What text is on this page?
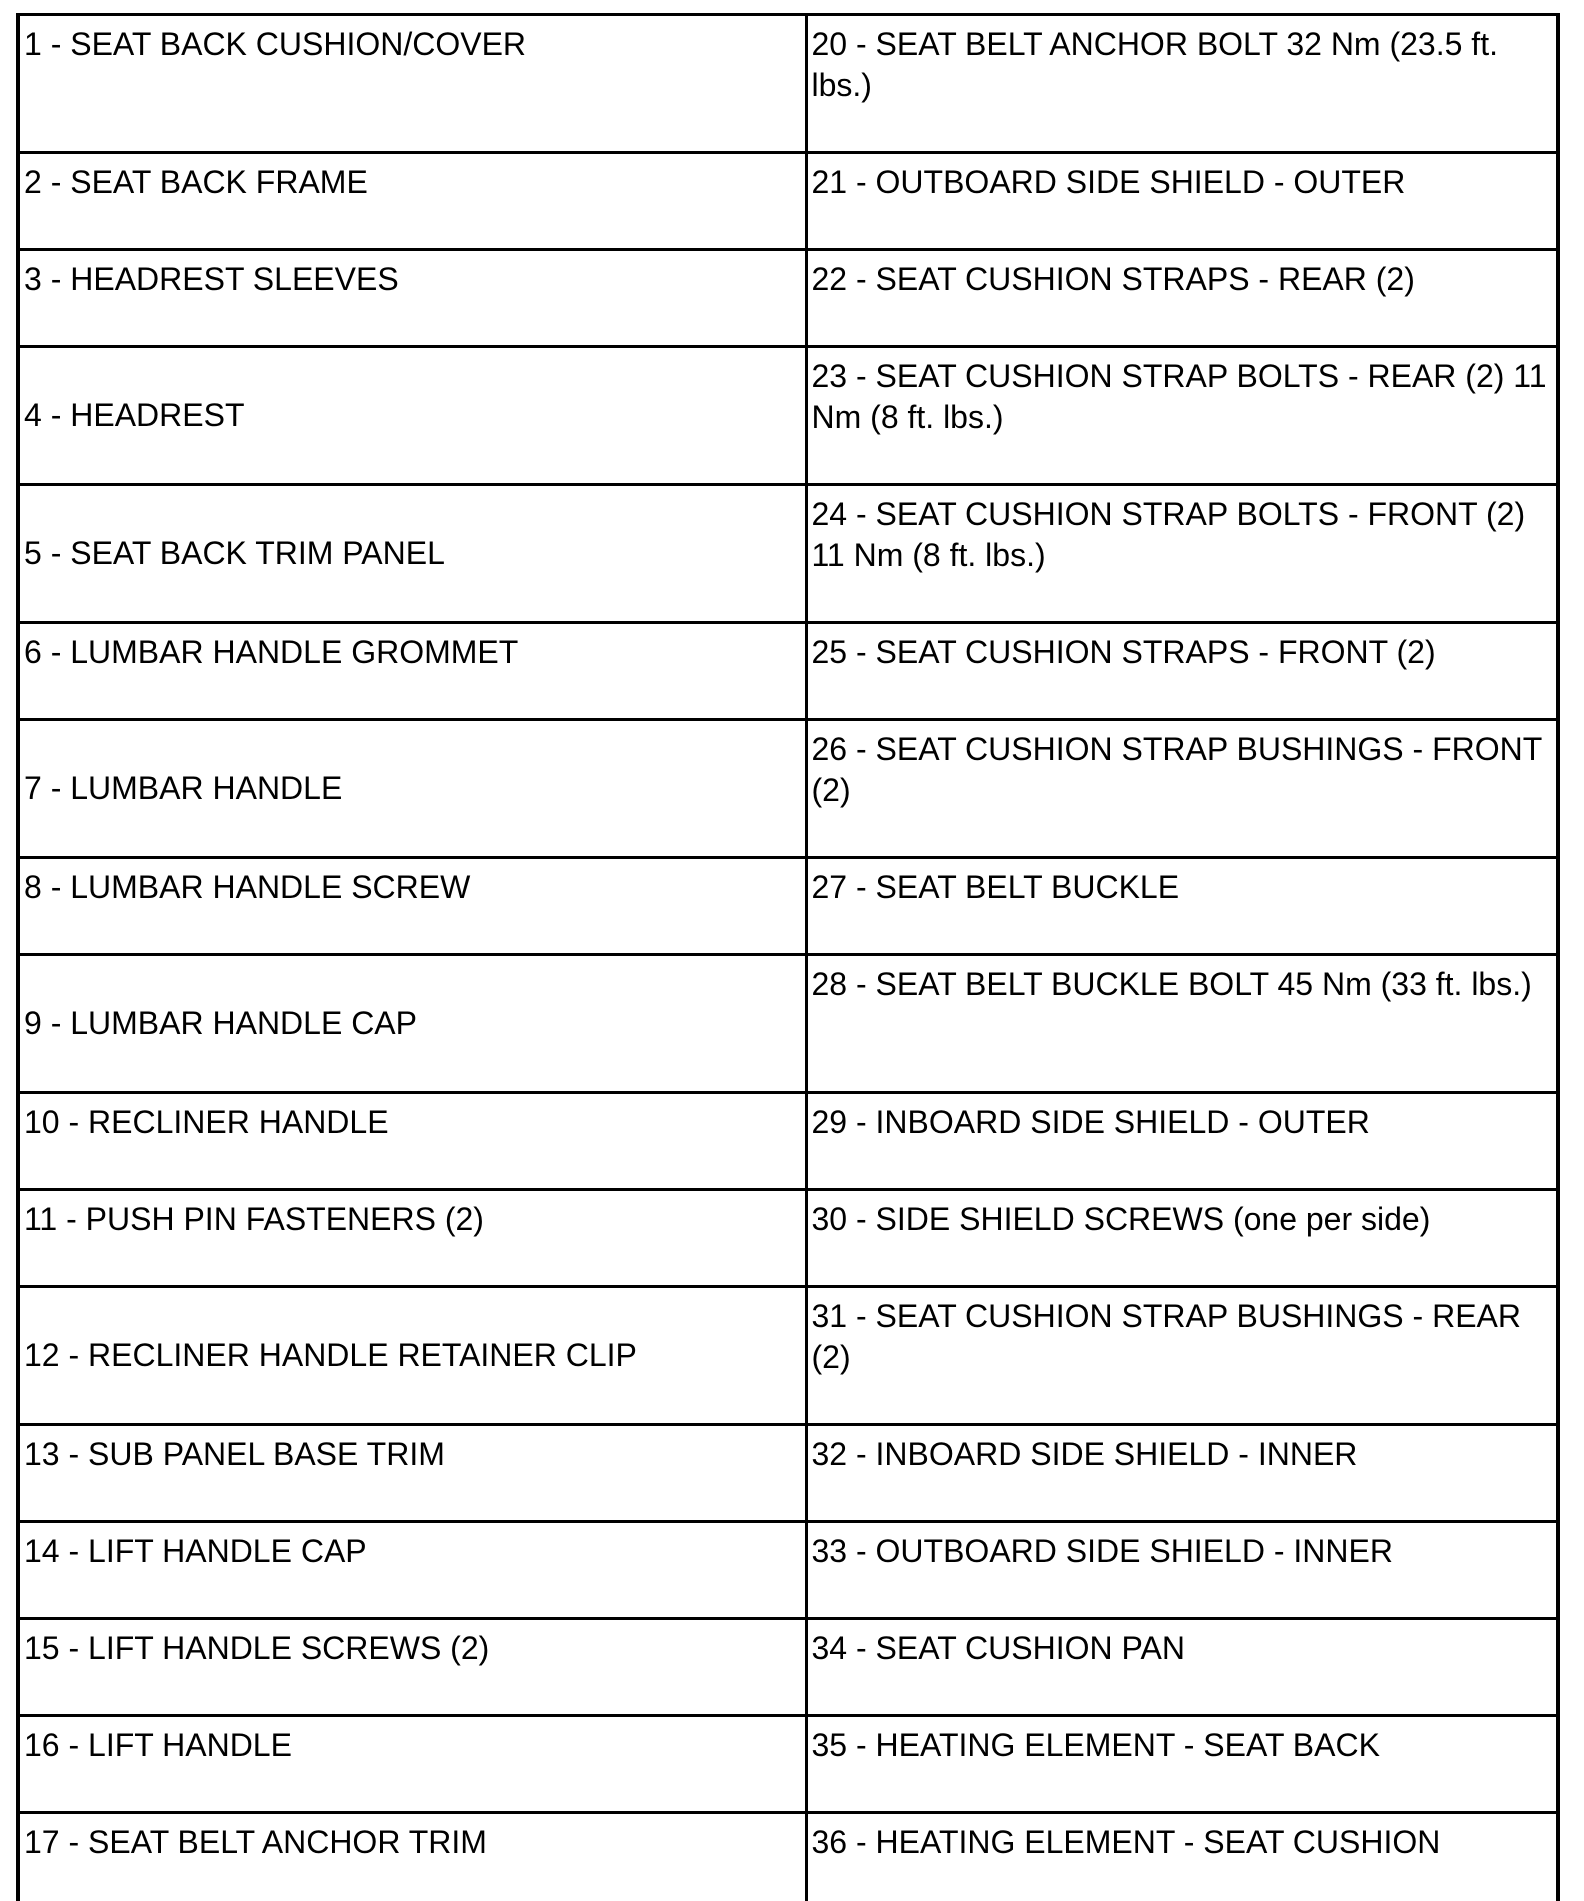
1 - SEAT BACK CUSHION/COVER	20 - SEAT BELT ANCHOR BOLT 32 Nm (23.5 ft. lbs.)
2 - SEAT BACK FRAME	21 - OUTBOARD SIDE SHIELD - OUTER
3 - HEADREST SLEEVES	22 - SEAT CUSHION STRAPS - REAR (2)
4 - HEADREST	23 - SEAT CUSHION STRAP BOLTS - REAR (2) 11 Nm (8 ft. lbs.)
5 - SEAT BACK TRIM PANEL	24 - SEAT CUSHION STRAP BOLTS - FRONT (2) 11 Nm (8 ft. lbs.)
6 - LUMBAR HANDLE GROMMET	25 - SEAT CUSHION STRAPS - FRONT (2)
7 - LUMBAR HANDLE	26 - SEAT CUSHION STRAP BUSHINGS - FRONT (2)
8 - LUMBAR HANDLE SCREW	27 - SEAT BELT BUCKLE
9 - LUMBAR HANDLE CAP	28 - SEAT BELT BUCKLE BOLT 45 Nm (33 ft. lbs.)
10 - RECLINER HANDLE	29 - INBOARD SIDE SHIELD - OUTER
11 - PUSH PIN FASTENERS (2)	30 - SIDE SHIELD SCREWS (one per side)
12 - RECLINER HANDLE RETAINER CLIP	31 - SEAT CUSHION STRAP BUSHINGS - REAR (2)
13 - SUB PANEL BASE TRIM	32 - INBOARD SIDE SHIELD - INNER
14 - LIFT HANDLE CAP	33 - OUTBOARD SIDE SHIELD - INNER
15 - LIFT HANDLE SCREWS (2)	34 - SEAT CUSHION PAN
16 - LIFT HANDLE	35 - HEATING ELEMENT - SEAT BACK
17 - SEAT BELT ANCHOR TRIM	36 - HEATING ELEMENT - SEAT CUSHION
